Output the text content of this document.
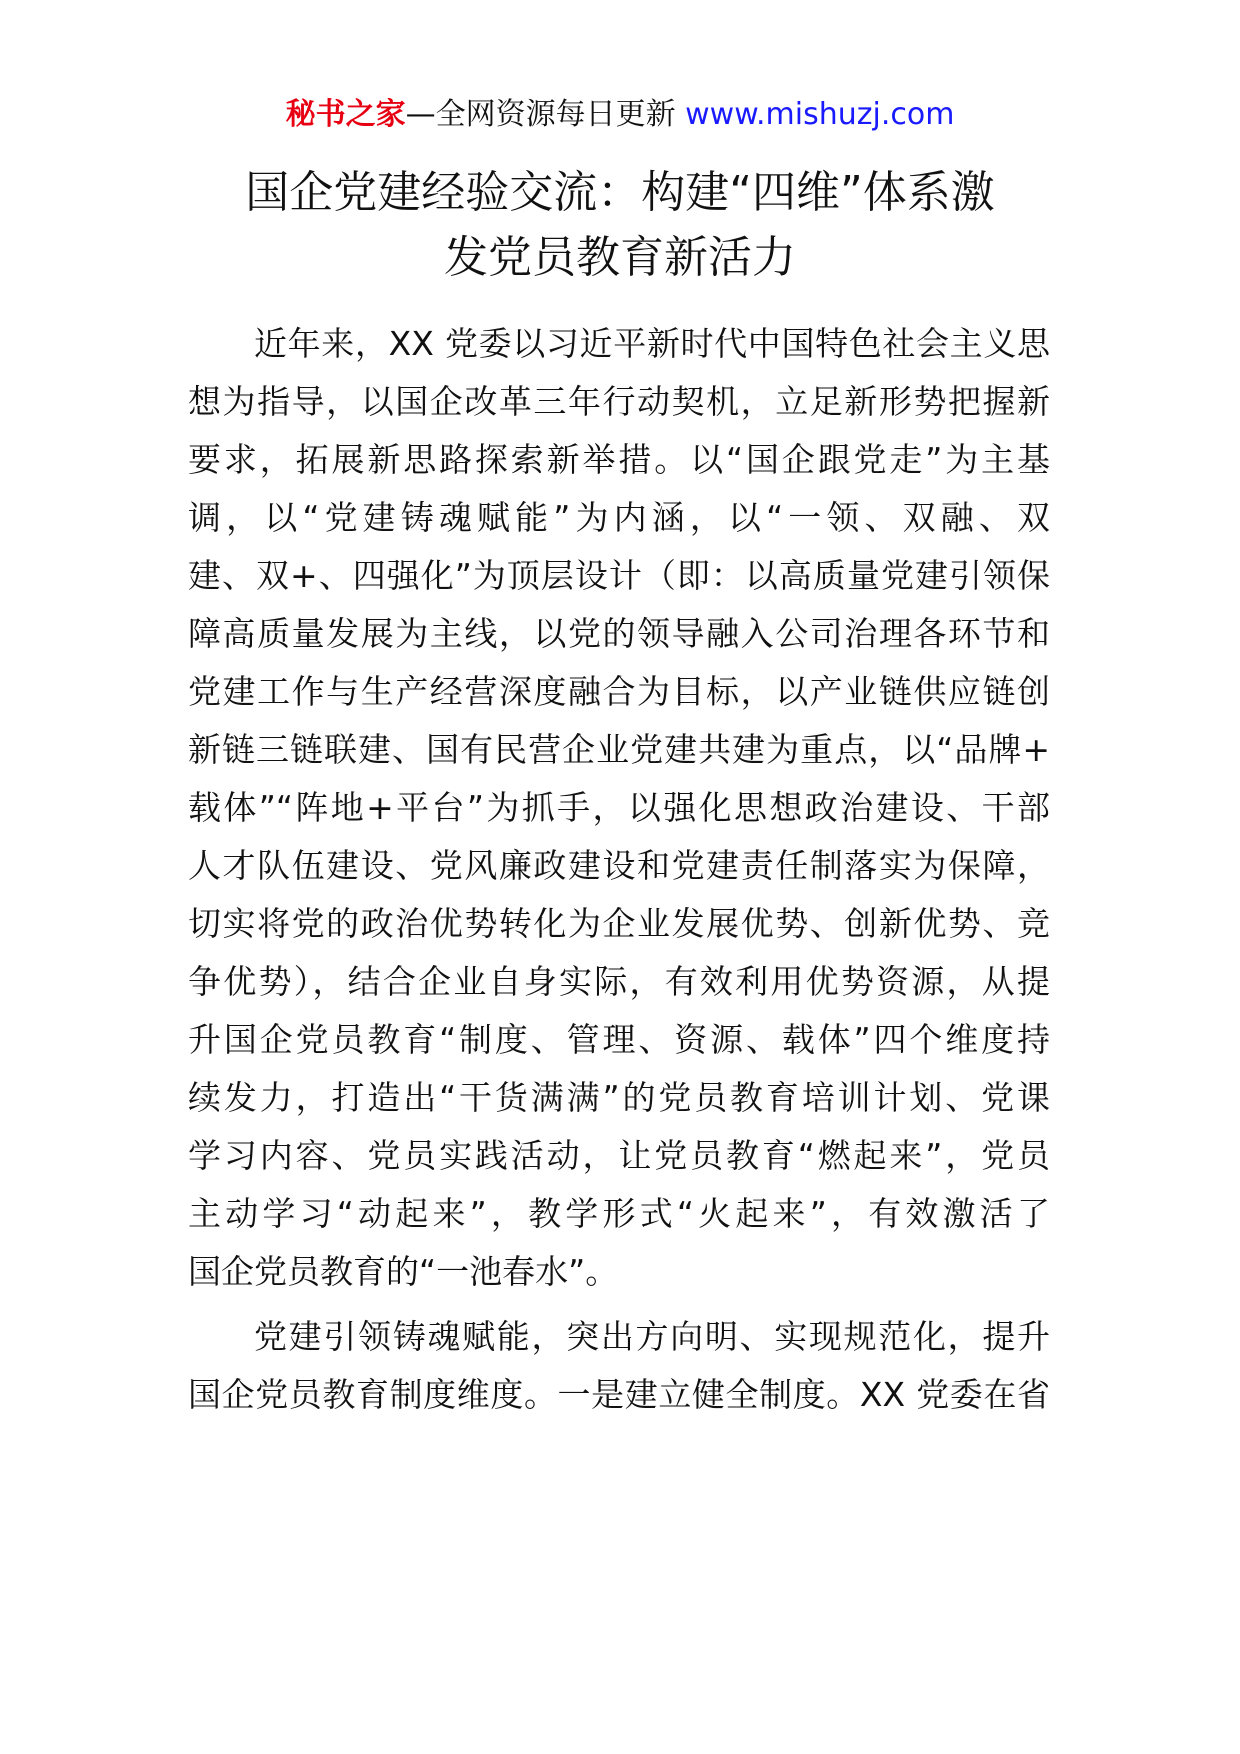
秘书之家—全网资源每日更新 www.mishuzj.com
国企党建经验交流：构建“四维”体系激
发党员教育新活力
近年来，XX 党委以习近平新时代中国特色社会主义思
想为指导，以国企改革三年行动契机，立足新形势把握新
要求，拓展新思路探索新举措。以“国企跟党走”为主基
调，以“党建铸魂赋能”为内涵，以“一领、双融、双
建、双+、四强化”为顶层设计（即：以高质量党建引领保
障高质量发展为主线，以党的领导融入公司治理各环节和
党建工作与生产经营深度融合为目标，以产业链供应链创
新链三链联建、国有民营企业党建共建为重点，以“品牌+
载体”“阵地+平台”为抓手，以强化思想政治建设、干部
人才队伍建设、党风廉政建设和党建责任制落实为保障，
切实将党的政治优势转化为企业发展优势、创新优势、竞
争优势），结合企业自身实际，有效利用优势资源，从提
升国企党员教育“制度、管理、资源、载体”四个维度持
续发力，打造出“干货满满”的党员教育培训计划、党课
学习内容、党员实践活动，让党员教育“燃起来”，党员
主动学习“动起来”，教学形式“火起来”，有效激活了
国企党员教育的“一池春水”。
党建引领铸魂赋能，突出方向明、实现规范化，提升
国企党员教育制度维度。一是建立健全制度。XX 党委在省
